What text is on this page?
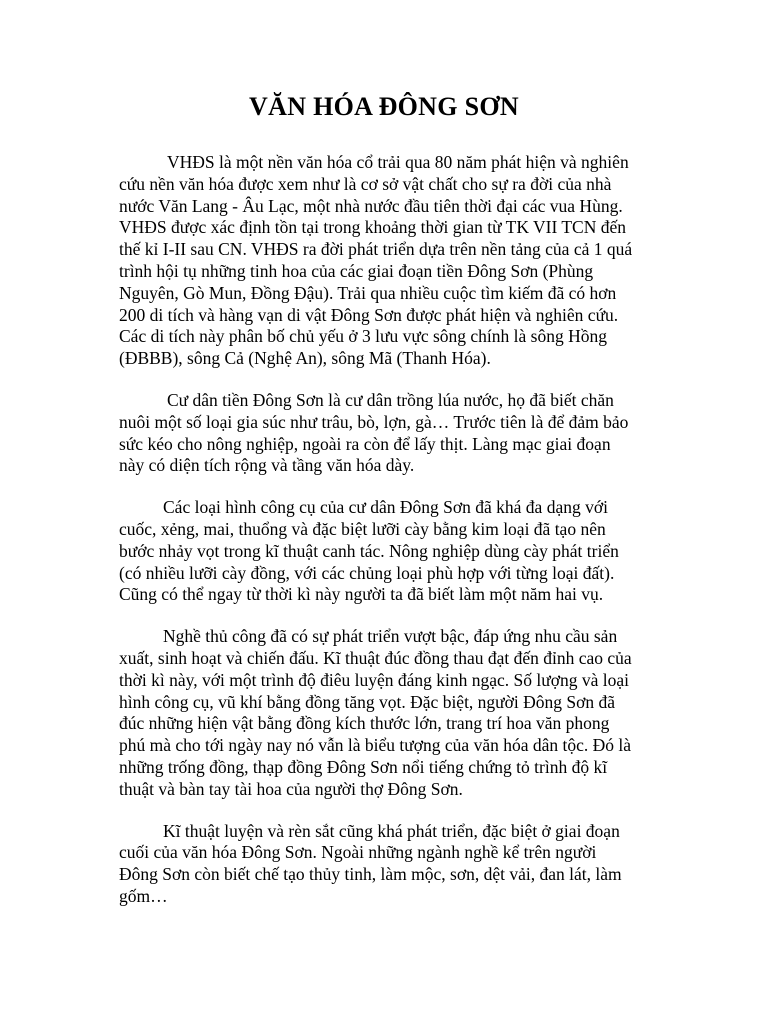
VĂN HÓA ĐÔNG SƠN

VHĐS là một nền văn hóa cổ trải qua 80 năm phát hiện và nghiên
cứu nền văn hóa được xem như là cơ sở vật chất cho sự ra đời của nhà
nước Văn Lang - Âu Lạc, một nhà nước đầu tiên thời đại các vua Hùng.
VHĐS được xác định tồn tại trong khoảng thời gian từ TK VII TCN đến
thế kỉ I-II sau CN. VHĐS ra đời phát triển dựa trên nền tảng của cả 1 quá
trình hội tụ những tinh hoa của các giai đoạn tiền Đông Sơn (Phùng
Nguyên, Gò Mun, Đồng Đậu). Trải qua nhiều cuộc tìm kiếm đã có hơn
200 di tích và hàng vạn di vật Đông Sơn được phát hiện và nghiên cứu.
Các di tích này phân bố chủ yếu ở 3 lưu vực sông chính là sông Hồng
(ĐBBB), sông Cả (Nghệ An), sông Mã (Thanh Hóa).

Cư dân tiền Đông Sơn là cư dân trồng lúa nước, họ đã biết chăn
nuôi một số loại gia súc như trâu, bò, lợn, gà… Trước tiên là để đảm bảo
sức kéo cho nông nghiệp, ngoài ra còn để lấy thịt. Làng mạc giai đoạn
này có diện tích rộng và tầng văn hóa dày.

Các loại hình công cụ của cư dân Đông Sơn đã khá đa dạng với
cuốc, xẻng, mai, thuổng và đặc biệt lưỡi cày bằng kim loại đã tạo nên
bước nhảy vọt trong kĩ thuật canh tác. Nông nghiệp dùng cày phát triển
(có nhiều lưỡi cày đồng, với các chủng loại phù hợp với từng loại đất).
Cũng có thể ngay từ thời kì này người ta đã biết làm một năm hai vụ.

Nghề thủ công đã có sự phát triển vượt bậc, đáp ứng nhu cầu sản
xuất, sinh hoạt và chiến đấu. Kĩ thuật đúc đồng thau đạt đến đỉnh cao của
thời kì này, với một trình độ điêu luyện đáng kinh ngạc. Số lượng và loại
hình công cụ, vũ khí bằng đồng tăng vọt. Đặc biệt, người Đông Sơn đã
đúc những hiện vật bằng đồng kích thước lớn, trang trí hoa văn phong
phú mà cho tới ngày nay nó vẫn là biểu tượng của văn hóa dân tộc. Đó là
những trống đồng, thạp đồng Đông Sơn nổi tiếng chứng tỏ trình độ kĩ
thuật và bàn tay tài hoa của người thợ Đông Sơn.

Kĩ thuật luyện và rèn sắt cũng khá phát triển, đặc biệt ở giai đoạn
cuối của văn hóa Đông Sơn. Ngoài những ngành nghề kể trên người
Đông Sơn còn biết chế tạo thủy tinh, làm mộc, sơn, dệt vải, đan lát, làm
gốm…
